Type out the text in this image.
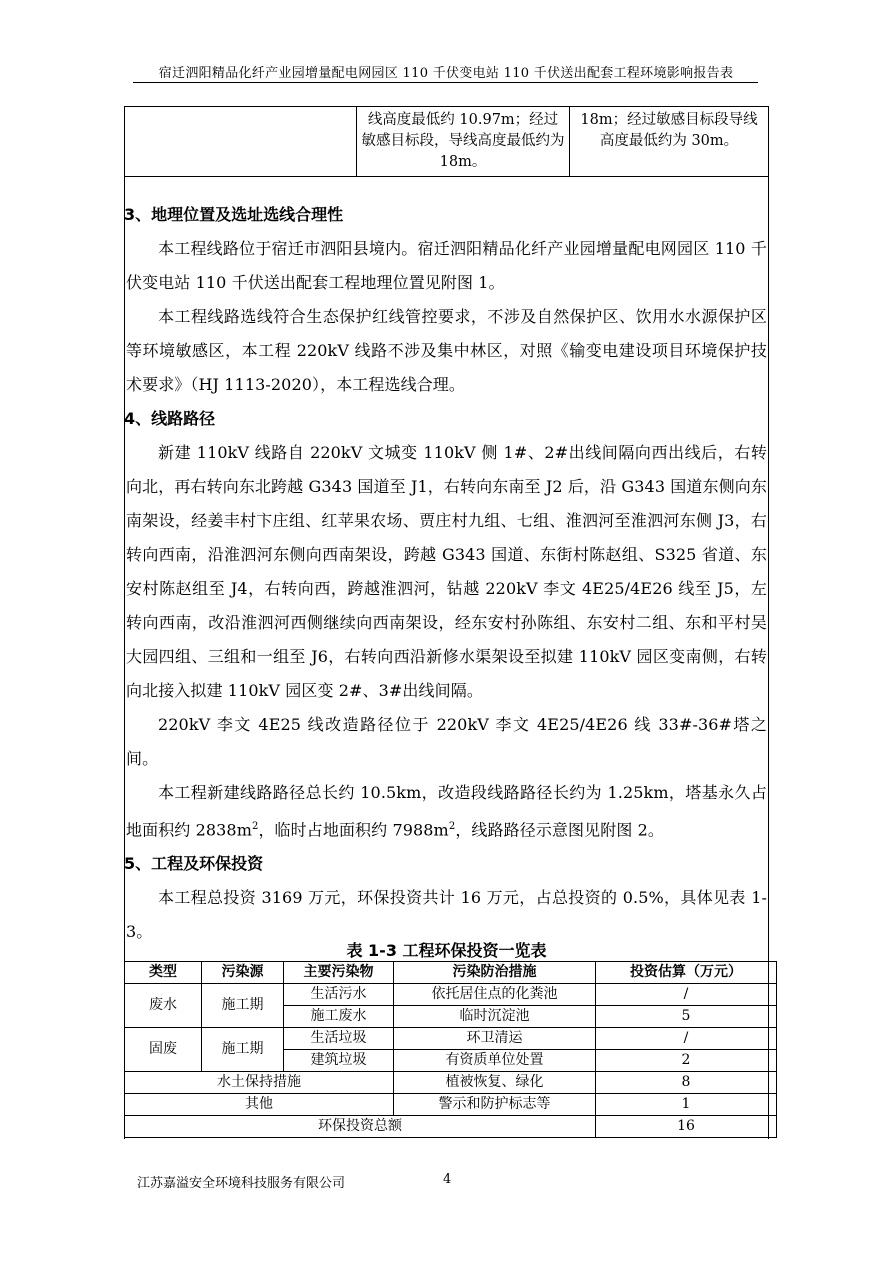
宿迁泗阳精品化纤产业园增量配电网园区 110 千伏变电站 110 千伏送出配套工程环境影响报告表
	线高度最低约 10.97m；经过敏感目标段，导线高度最低约为18m。	18m；经过敏感目标段导线高度最低约为 30m。

3、地理位置及选址选线合理性

本工程线路位于宿迁市泗阳县境内。宿迁泗阳精品化纤产业园增量配电网园区 110 千伏变电站 110 千伏送出配套工程地理位置见附图 1。

本工程线路选线符合生态保护红线管控要求，不涉及自然保护区、饮用水水源保护区等环境敏感区，本工程 220kV 线路不涉及集中林区，对照《输变电建设项目环境保护技术要求》（HJ 1113-2020），本工程选线合理。

4、线路路径

新建 110kV 线路自 220kV 文城变 110kV 侧 1#、2#出线间隔向西出线后，右转向北，再右转向东北跨越 G343 国道至 J1，右转向东南至 J2 后，沿 G343 国道东侧向东南架设，经姜丰村卞庄组、红苹果农场、贾庄村九组、七组、淮泗河至淮泗河东侧 J3，右转向西南，沿淮泗河东侧向西南架设，跨越 G343 国道、东街村陈赵组、S325 省道、东安村陈赵组至 J4，右转向西，跨越淮泗河，钻越 220kV 李文 4E25/4E26 线至 J5，左转向西南，改沿淮泗河西侧继续向西南架设，经东安村孙陈组、东安村二组、东和平村吴大园四组、三组和一组至 J6，右转向西沿新修水渠架设至拟建 110kV 园区变南侧，右转向北接入拟建 110kV 园区变 2#、3#出线间隔。

220kV 李文 4E25 线改造路径位于 220kV 李文 4E25/4E26 线 33#-36#塔之间。

本工程新建线路路径总长约 10.5km，改造段线路路径长约为 1.25km，塔基永久占地面积约 $2838m^2$，临时占地面积约 $7988m^2$，线路路径示意图见附图 2。

5、工程及环保投资

本工程总投资 3169 万元，环保投资共计 16 万元，占总投资的 0.5%，具体见表 1-3。

表 1-3 工程环保投资一览表
类型	污染源	主要污染物	污染防治措施	投资估算（万元）
废水	施工期	生活污水	依托居住点的化粪池	/
		施工废水	临时沉淀池	5
固废	施工期	生活垃圾	环卫清运	/
		建筑垃圾	有资质单位处置	2
水土保持措施			植被恢复、绿化	8
其他			警示和防护标志等	1
环保投资总额				16
江苏嘉溢安全环境科技服务有限公司	4
